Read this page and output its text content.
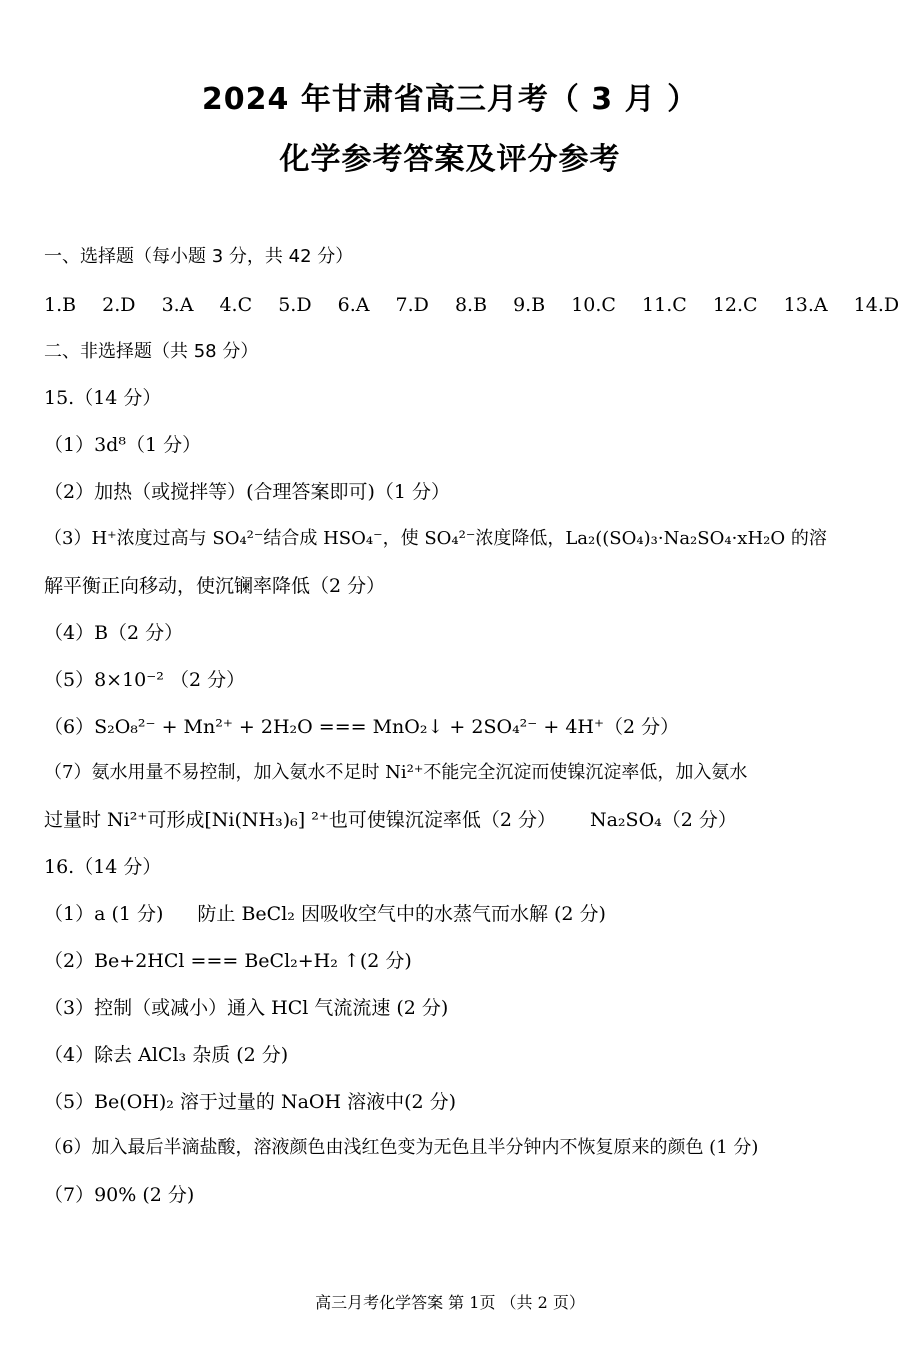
2024 年甘肃省高三月考（ 3 月 ）
化学参考答案及评分参考
一、选择题（每小题 3 分，共 42 分）
1.B 2.D 3.A 4.C 5.D 6.A 7.D 8.B 9.B 10.C 11.C 12.C 13.A 14.D
二、非选择题（共 58 分）
15.（14 分）
（1）3d⁸（1 分）
（2）加热（或搅拌等）(合理答案即可)（1 分）
（3）H⁺浓度过高与 SO₄²⁻结合成 HSO₄⁻，使 SO₄²⁻浓度降低，La₂((SO₄)₃·Na₂SO₄·xH₂O 的溶
解平衡正向移动，使沉镧率降低（2 分）
（4）B（2 分）
（5）8×10⁻² （2 分）
（6）S₂O₈²⁻ + Mn²⁺ + 2H₂O === MnO₂↓ + 2SO₄²⁻ + 4H⁺（2 分）
（7）氨水用量不易控制，加入氨水不足时 Ni²⁺不能完全沉淀而使镍沉淀率低，加入氨水
过量时 Ni²⁺可形成[Ni(NH₃)₆] ²⁺也可使镍沉淀率低（2 分） Na₂SO₄（2 分）
16.（14 分）
（1）a (1 分) 防止 BeCl₂ 因吸收空气中的水蒸气而水解 (2 分)
（2）Be+2HCl === BeCl₂+H₂ ↑(2 分)
（3）控制（或减小）通入 HCl 气流流速 (2 分)
（4）除去 AlCl₃ 杂质 (2 分)
（5）Be(OH)₂ 溶于过量的 NaOH 溶液中(2 分)
（6）加入最后半滴盐酸，溶液颜色由浅红色变为无色且半分钟内不恢复原来的颜色 (1 分)
（7）90% (2 分)
高三月考化学答案 第 1页 （共 2 页）
